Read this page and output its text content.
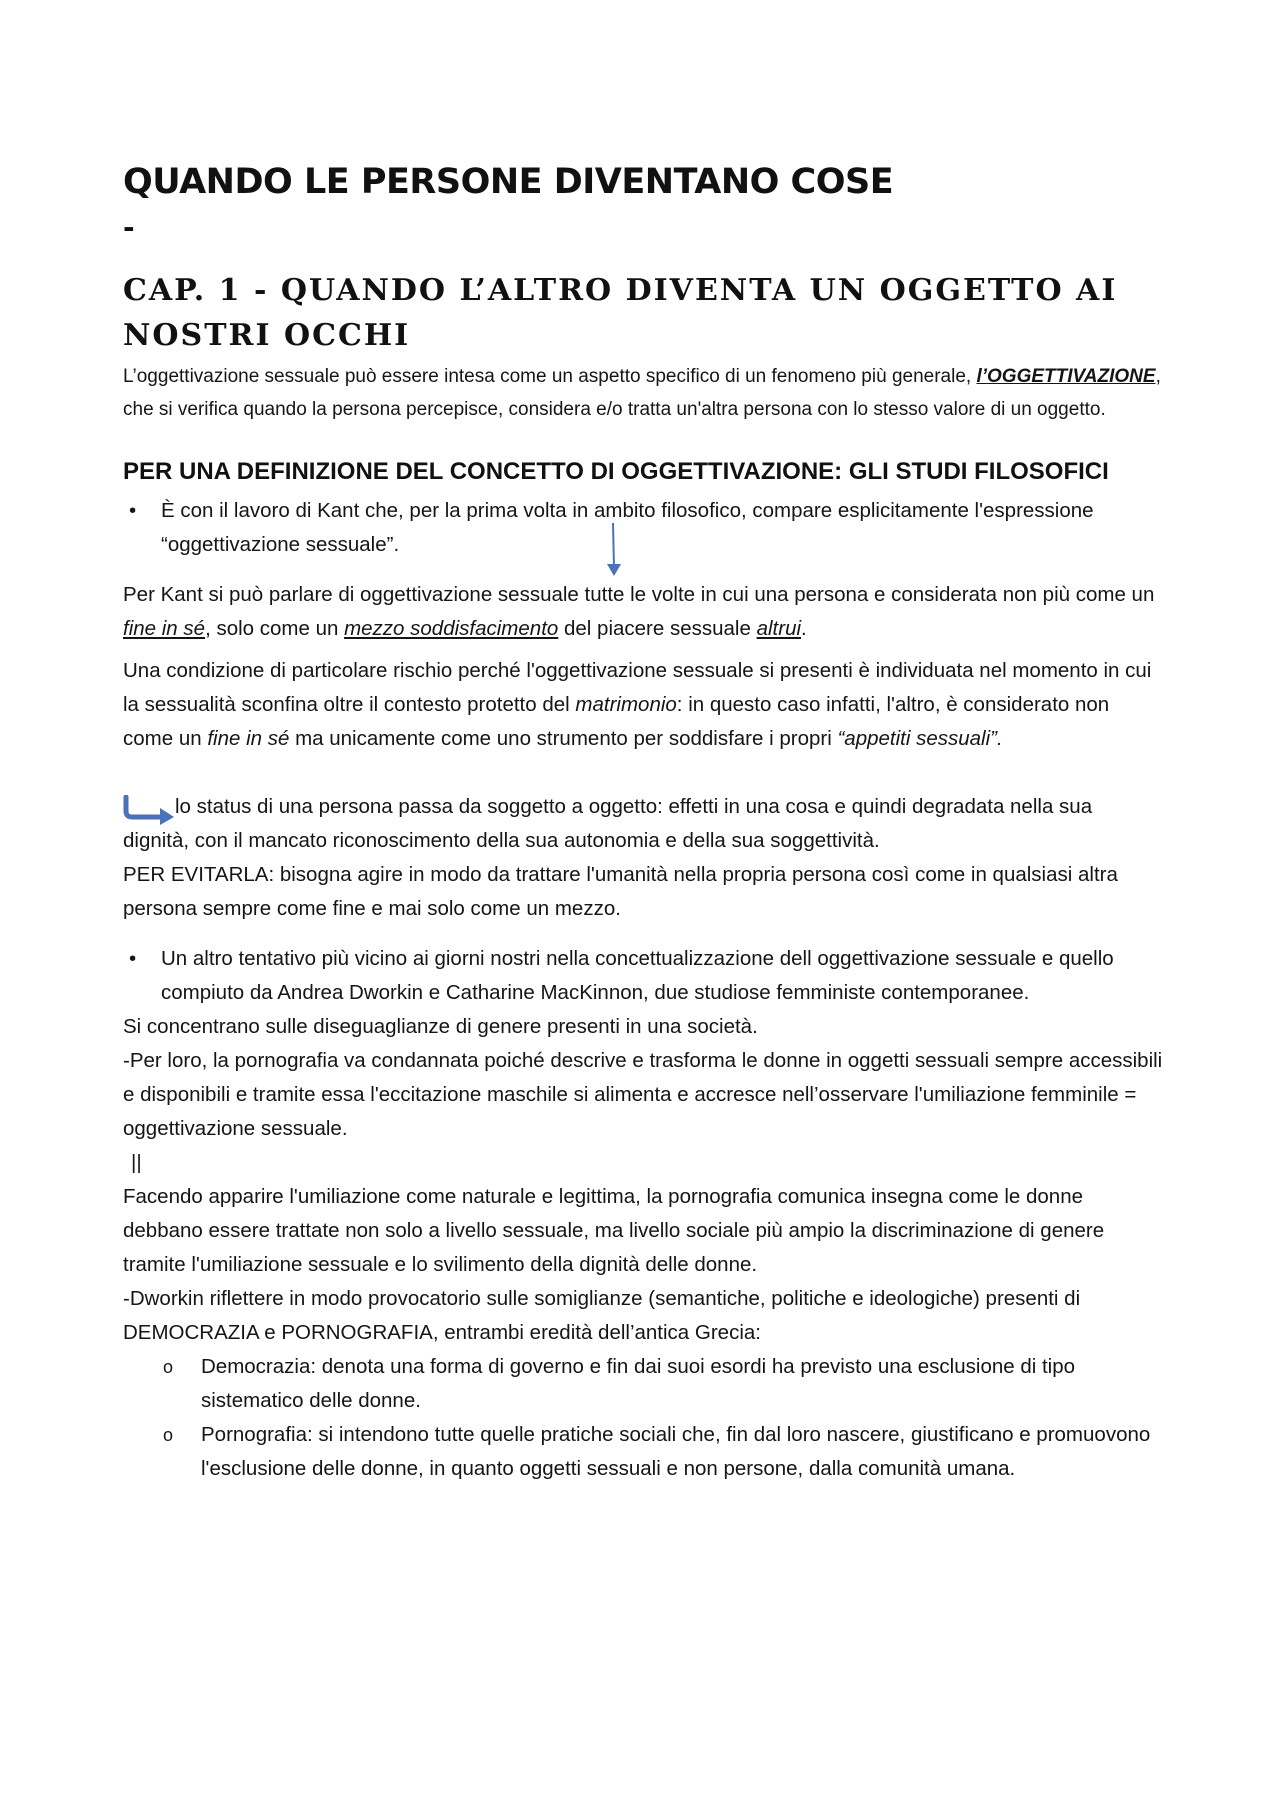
QUANDO LE PERSONE DIVENTANO COSE
-
CAP. 1 - QUANDO L’ALTRO DIVENTA UN OGGETTO AI NOSTRI OCCHI

L’oggettivazione sessuale può essere intesa come un aspetto specifico di un fenomeno più generale, l’OGGETTIVAZIONE, che si verifica quando la persona percepisce, considera e/o tratta un'altra persona con lo stesso valore di un oggetto.

PER UNA DEFINIZIONE DEL CONCETTO DI OGGETTIVAZIONE: GLI STUDI FILOSOFICI
• È con il lavoro di Kant che, per la prima volta in ambito filosofico, compare esplicitamente l'espressione “oggettivazione sessuale”.

Per Kant si può parlare di oggettivazione sessuale tutte le volte in cui una persona e considerata non più come un fine in sé, solo come un mezzo soddisfacimento del piacere sessuale altrui.

Una condizione di particolare rischio perché l'oggettivazione sessuale si presenti è individuata nel momento in cui la sessualità sconfina oltre il contesto protetto del matrimonio: in questo caso infatti, l'altro, è considerato non come un fine in sé ma unicamente come uno strumento per soddisfare i propri “appetiti sessuali”.

lo status di una persona passa da soggetto a oggetto: effetti in una cosa e quindi degradata nella sua dignità, con il mancato riconoscimento della sua autonomia e della sua soggettività.

PER EVITARLA: bisogna agire in modo da trattare l'umanità nella propria persona così come in qualsiasi altra persona sempre come fine e mai solo come un mezzo.

• Un altro tentativo più vicino ai giorni nostri nella concettualizzazione dell oggettivazione sessuale e quello compiuto da Andrea Dworkin e Catharine MacKinnon, due studiose femministe contemporanee.

Si concentrano sulle diseguaglianze di genere presenti in una società.

-Per loro, la pornografia va condannata poiché descrive e trasforma le donne in oggetti sessuali sempre accessibili e disponibili e tramite essa l'eccitazione maschile si alimenta e accresce nell’osservare l'umiliazione femminile = oggettivazione sessuale.

||

Facendo apparire l'umiliazione come naturale e legittima, la pornografia comunica insegna come le donne debbano essere trattate non solo a livello sessuale, ma livello sociale più ampio la discriminazione di genere tramite l'umiliazione sessuale e lo svilimento della dignità delle donne.

-Dworkin riflettere in modo provocatorio sulle somiglianze (semantiche, politiche e ideologiche) presenti di DEMOCRAZIA e PORNOGRAFIA, entrambi eredità dell’antica Grecia:

o Democrazia: denota una forma di governo e fin dai suoi esordi ha previsto una esclusione di tipo sistematico delle donne.
o Pornografia: si intendono tutte quelle pratiche sociali che, fin dal loro nascere, giustificano e promuovono l'esclusione delle donne, in quanto oggetti sessuali e non persone, dalla comunità umana.
